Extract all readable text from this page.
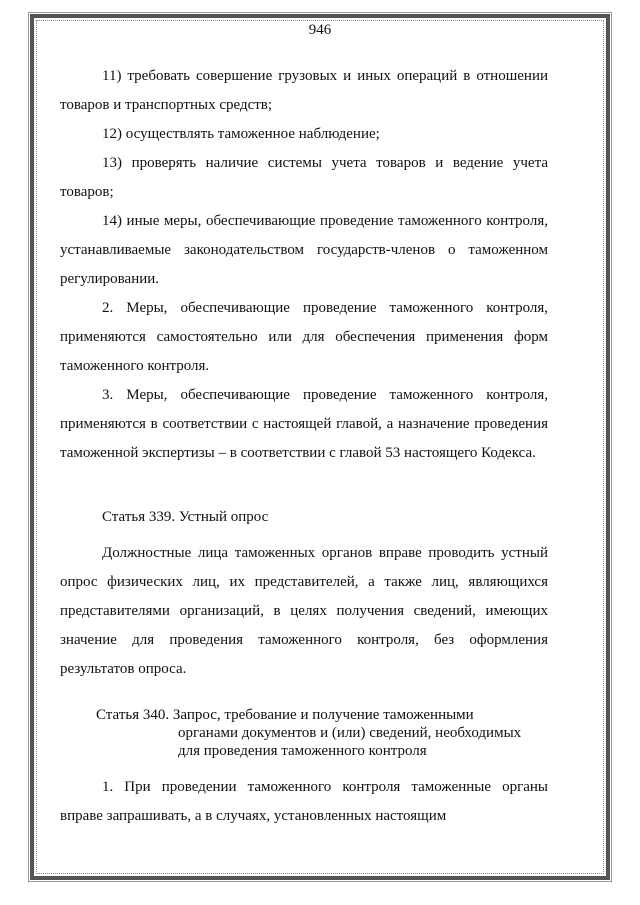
946

11) требовать совершение грузовых и иных операций в отношении товаров и транспортных средств;

12) осуществлять таможенное наблюдение;

13) проверять наличие системы учета товаров и ведение учета товаров;

14) иные меры, обеспечивающие проведение таможенного контроля, устанавливаемые законодательством государств-членов о таможенном регулировании.

2. Меры, обеспечивающие проведение таможенного контроля, применяются самостоятельно или для обеспечения применения форм таможенного контроля.

3. Меры, обеспечивающие проведение таможенного контроля, применяются в соответствии с настоящей главой, а назначение проведения таможенной экспертизы – в соответствии с главой 53 настоящего Кодекса.

Статья 339. Устный опрос

Должностные лица таможенных органов вправе проводить устный опрос физических лиц, их представителей, а также лиц, являющихся представителями организаций, в целях получения сведений, имеющих значение для проведения таможенного контроля, без оформления результатов опроса.

Статья 340. Запрос, требование и получение таможенными
органами документов и (или) сведений, необходимых
для проведения таможенного контроля

1. При проведении таможенного контроля таможенные органы вправе запрашивать, а в случаях, установленных настоящим
